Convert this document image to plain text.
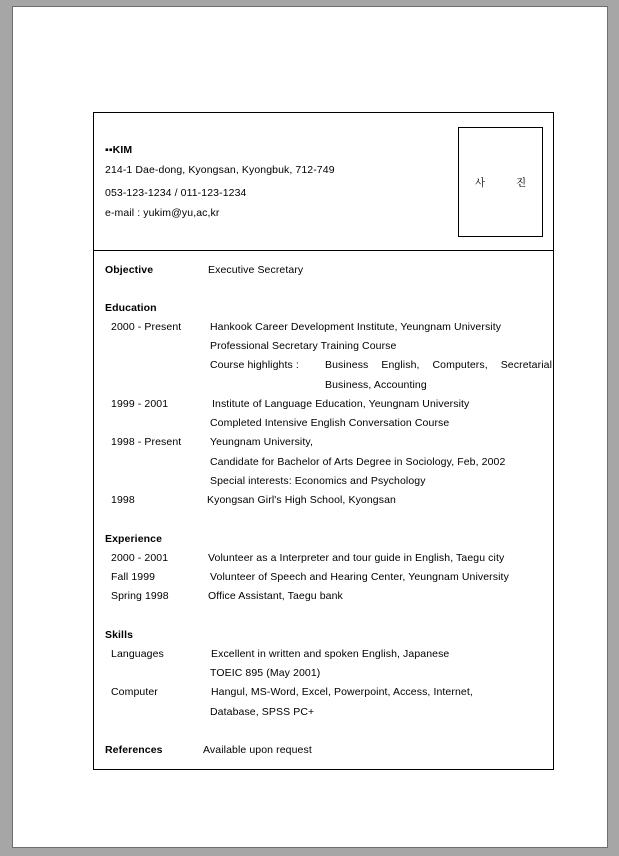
▪▪KIM
214-1 Dae-dong, Kyongsan, Kyongbuk, 712-749
053-123-1234 / 011-123-1234
e-mail : yukim@yu,ac,kr
사 진
Objective	Executive Secretary
Education
2000 - Present	Hankook Career Development Institute, Yeungnam University
Professional Secretary Training Course
Course highlights : Business English, Computers, Secretarial
Business, Accounting
1999 - 2001	Institute of Language Education, Yeungnam University
Completed Intensive English Conversation Course
1998 - Present	Yeungnam University,
Candidate for Bachelor of Arts Degree in Sociology, Feb, 2002
Special interests: Economics and Psychology
1998	Kyongsan Girl's High School, Kyongsan
Experience
2000 - 2001	Volunteer as a Interpreter and tour guide in English, Taegu city
Fall 1999	Volunteer of Speech and Hearing Center, Yeungnam University
Spring 1998	Office Assistant, Taegu bank
Skills
Languages	Excellent in written and spoken English, Japanese
TOEIC 895 (May 2001)
Computer	Hangul, MS-Word, Excel, Powerpoint, Access, Internet,
Database, SPSS PC+
References	Available upon request
